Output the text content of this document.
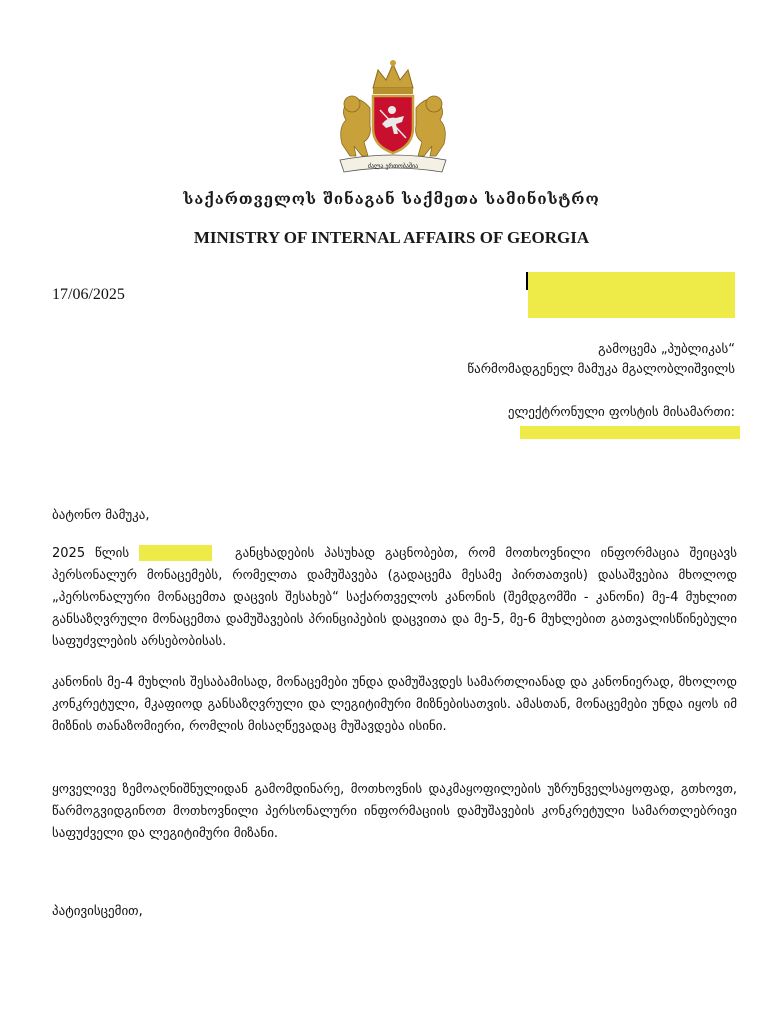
ძალა ერთობაშია
საქართველოს შინაგან საქმეთა სამინისტრო
MINISTRY OF INTERNAL AFFAIRS OF GEORGIA
17/06/2025
გამოცემა „პუბლიკას“
წარმომადგენელ მამუკა მგალობლიშვილს
ელექტრონული ფოსტის მისამართი:
ბატონო მამუკა,

2025 წლის	განცხადების პასუხად გაცნობებთ, რომ მოთხოვნილი ინფორმაცია შეიცავს პერსონალურ მონაცემებს, რომელთა დამუშავება (გადაცემა მესამე პირთათვის) დასაშვებია მხოლოდ „პერსონალური მონაცემთა დაცვის შესახებ“ საქართველოს კანონის (შემდგომში - კანონი) მე-4 მუხლით განსაზღვრული მონაცემთა დამუშავების პრინციპების დაცვითა და მე-5, მე-6 მუხლებით გათვალისწინებული საფუძვლების არსებობისას.

კანონის მე-4 მუხლის შესაბამისად, მონაცემები უნდა დამუშავდეს სამართლიანად და კანონიერად, მხოლოდ კონკრეტული, მკაფიოდ განსაზღვრული და ლეგიტიმური მიზნებისათვის. ამასთან, მონაცემები უნდა იყოს იმ მიზნის თანაზომიერი, რომლის მისაღწევადაც მუშავდება ისინი.

ყოველივე ზემოაღნიშნულიდან გამომდინარე, მოთხოვნის დაკმაყოფილების უზრუნველსაყოფად, გთხოვთ, წარმოგვიდგინოთ მოთხოვნილი პერსონალური ინფორმაციის დამუშავების კონკრეტული სამართლებრივი საფუძველი და ლეგიტიმური მიზანი.

პატივისცემით,
